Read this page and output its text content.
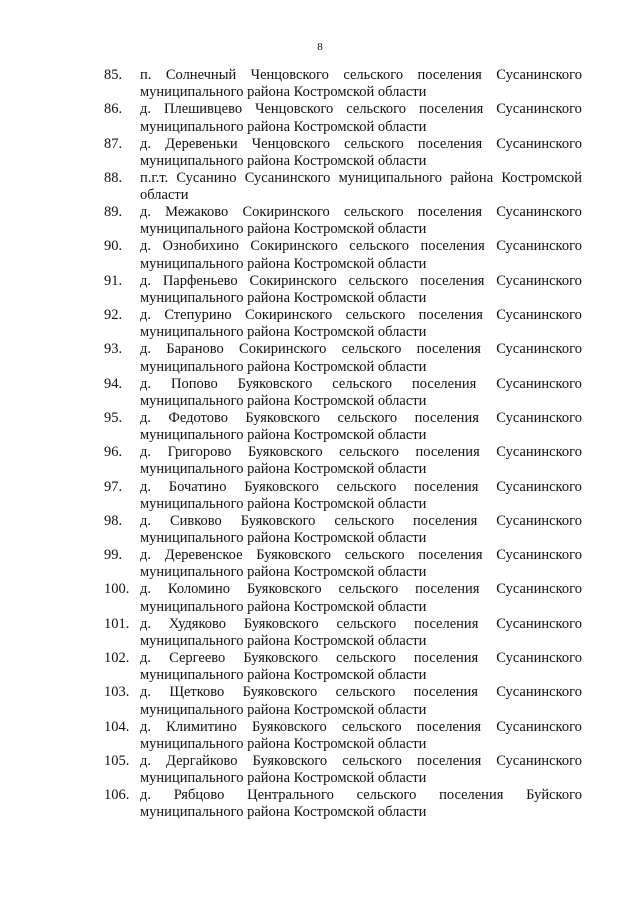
8
85. п. Солнечный Ченцовского сельского поселения Сусанинского
муниципального района Костромской области
86. д. Плешивцево Ченцовского сельского поселения Сусанинского
муниципального района Костромской области
87. д. Деревеньки Ченцовского сельского поселения Сусанинского
муниципального района Костромской области
88. п.г.т. Сусанино Сусанинского муниципального района Костромской
области
89. д. Межаково Сокиринского сельского поселения Сусанинского
муниципального района Костромской области
90. д. Ознобихино Сокиринского сельского поселения Сусанинского
муниципального района Костромской области
91. д. Парфеньево Сокиринского сельского поселения Сусанинского
муниципального района Костромской области
92. д. Степурино Сокиринского сельского поселения Сусанинского
муниципального района Костромской области
93. д. Бараново Сокиринского сельского поселения Сусанинского
муниципального района Костромской области
94. д. Попово Буяковского сельского поселения Сусанинского
муниципального района Костромской области
95. д. Федотово Буяковского сельского поселения Сусанинского
муниципального района Костромской области
96. д. Григорово Буяковского сельского поселения Сусанинского
муниципального района Костромской области
97. д. Бочатино Буяковского сельского поселения Сусанинского
муниципального района Костромской области
98. д. Сивково Буяковского сельского поселения Сусанинского
муниципального района Костромской области
99. д. Деревенское Буяковского сельского поселения Сусанинского
муниципального района Костромской области
100. д. Коломино Буяковского сельского поселения Сусанинского
муниципального района Костромской области
101. д. Худяково Буяковского сельского поселения Сусанинского
муниципального района Костромской области
102. д. Сергеево Буяковского сельского поселения Сусанинского
муниципального района Костромской области
103. д. Щетково Буяковского сельского поселения Сусанинского
муниципального района Костромской области
104. д. Климитино Буяковского сельского поселения Сусанинского
муниципального района Костромской области
105. д. Дергайково Буяковского сельского поселения Сусанинского
муниципального района Костромской области
106. д. Рябцово Центрального сельского поселения Буйского
муниципального района Костромской области
